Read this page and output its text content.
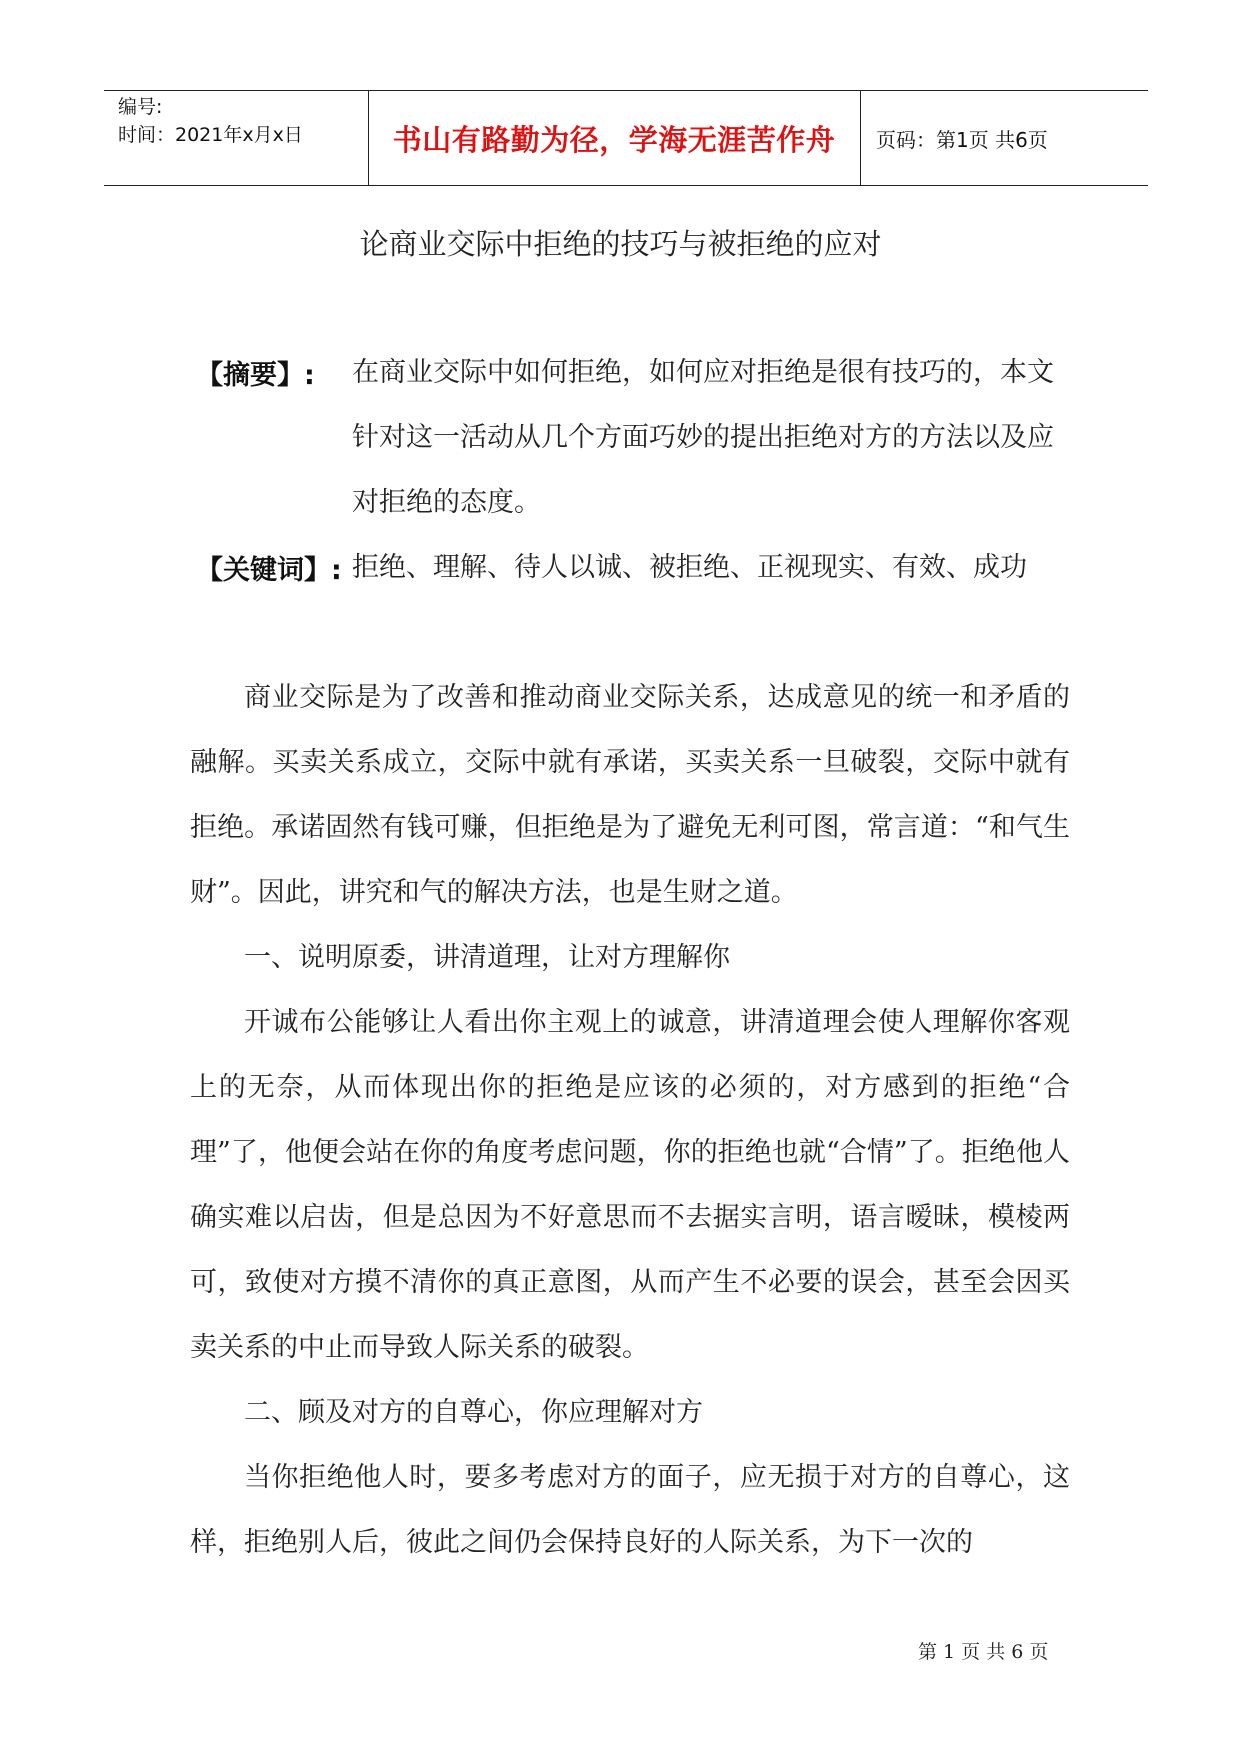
编号:
时间：2021年x月x日	书山有路勤为径，学海无涯苦作舟	页码：第1页 共6页
论商业交际中拒绝的技巧与被拒绝的应对
【摘要】: 在商业交际中如何拒绝，如何应对拒绝是很有技巧的，本文针对这一活动从几个方面巧妙的提出拒绝对方的方法以及应对拒绝的态度。
【关键词】: 拒绝、理解、待人以诚、被拒绝、正视现实、有效、成功

商业交际是为了改善和推动商业交际关系，达成意见的统一和矛盾的融解。买卖关系成立，交际中就有承诺，买卖关系一旦破裂，交际中就有拒绝。承诺固然有钱可赚，但拒绝是为了避免无利可图，常言道：“和气生财”。因此，讲究和气的解决方法，也是生财之道。

一、说明原委，讲清道理，让对方理解你

开诚布公能够让人看出你主观上的诚意，讲清道理会使人理解你客观上的无奈，从而体现出你的拒绝是应该的必须的，对方感到的拒绝“合理”了，他便会站在你的角度考虑问题，你的拒绝也就“合情”了。拒绝他人确实难以启齿，但是总因为不好意思而不去据实言明，语言暧昧，模棱两可，致使对方摸不清你的真正意图，从而产生不必要的误会，甚至会因买卖关系的中止而导致人际关系的破裂。

二、顾及对方的自尊心，你应理解对方

当你拒绝他人时，要多考虑对方的面子，应无损于对方的自尊心，这样，拒绝别人后，彼此之间仍会保持良好的人际关系，为下一次的

第 1 页 共 6 页
